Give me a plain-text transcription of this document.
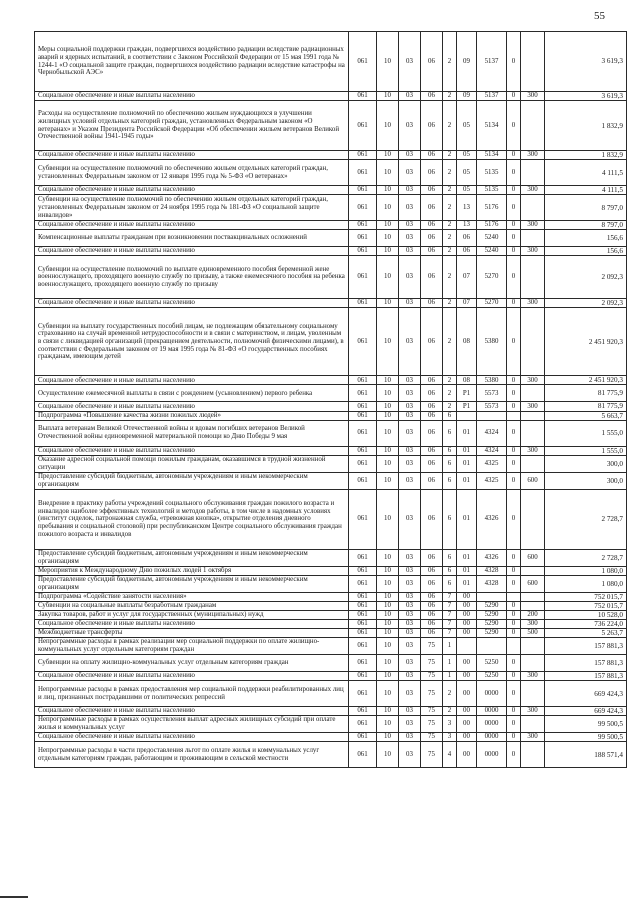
55
Меры социальной поддержки граждан, подвергшихся воздействию радиации вследствие радиационных аварий и ядерных испытаний, в соответствии с Законом Российской Федерации от 15 мая 1991 года № 1244-1 «О социальной защите граждан, подвергшихся воздействию радиации вследствие катастрофы на Чернобыльской АЭС»	061	10	03	06	2	09	5137	0		3 619,3
Социальное обеспечение и иные выплаты населению	061	10	03	06	2	09	5137	0	300	3 619,3
Расходы на осуществление полномочий по обеспечению жильем нуждающихся в улучшении жилищных условий отдельных категорий граждан, установленных Федеральным законом «О ветеранах» и Указом Президента Российской Федерации «Об обеспечении жильем ветеранов Великой Отечественной войны 1941-1945 годы»	061	10	03	06	2	05	5134	0		1 832,9
Социальное обеспечение и иные выплаты населению	061	10	03	06	2	05	5134	0	300	1 832,9
Субвенции на осуществление полномочий по обеспечению жильем отдельных категорий граждан, установленных Федеральным законом от 12 января 1995 года № 5-ФЗ «О ветеранах»	061	10	03	06	2	05	5135	0		4 111,5
Социальное обеспечение и иные выплаты населению	061	10	03	06	2	05	5135	0	300	4 111,5
Субвенции на осуществление полномочий по обеспечению жильем отдельных категорий граждан, установленных Федеральным законом от 24 ноября 1995 года № 181-ФЗ «О социальной защите инвалидов»	061	10	03	06	2	13	5176	0		8 797,0
Социальное обеспечение и иные выплаты населению	061	10	03	06	2	13	5176	0	300	8 797,0
Компенсационные выплаты гражданам при возникновении поствакцинальных осложнений	061	10	03	06	2	06	5240	0		156,6
Социальное обеспечение и иные выплаты населению	061	10	03	06	2	06	5240	0	300	156,6
Субвенции на осуществление полномочий по выплате единовременного пособия беременной жене военнослужащего, проходящего военную службу по призыву, а также ежемесячного пособия на ребенка военнослужащего, проходящего военную службу по призыву	061	10	03	06	2	07	5270	0		2 092,3
Социальное обеспечение и иные выплаты населению	061	10	03	06	2	07	5270	0	300	2 092,3
Субвенции на выплату государственных пособий лицам, не подлежащим обязательному социальному страхованию на случай временной нетрудоспособности и в связи с материнством, и лицам, уволенным в связи с ликвидацией организаций (прекращением деятельности, полномочий физическими лицами), в соответствии с Федеральным законом от 19 мая 1995 года № 81-ФЗ «О государственных пособиях гражданам, имеющим детей	061	10	03	06	2	08	5380	0		2 451 920,3
Социальное обеспечение и иные выплаты населению	061	10	03	06	2	08	5380	0	300	2 451 920,3
Осуществление ежемесячной выплаты в связи с рождением (усыновлением) первого ребенка	061	10	03	06	2	P1	5573	0		81 775,9
Социальное обеспечение и иные выплаты населению	061	10	03	06	2	P1	5573	0	300	81 775,9
Подпрограмма «Повышение качества жизни пожилых людей»	061	10	03	06	6					5 663,7
Выплата ветеранам Великой Отечественной войны и вдовам погибших ветеранов Великой Отечественной войны единовременной материальной помощи ко Дню Победы 9 мая	061	10	03	06	6	01	4324	0		1 555,0
Социальное обеспечение и иные выплаты населению	061	10	03	06	6	01	4324	0	300	1 555,0
Оказание адресной социальной помощи пожилым гражданам, оказавшимся в трудной жизненной ситуации	061	10	03	06	6	01	4325	0		300,0
Предоставление субсидий бюджетным, автономным учреждениям и иным некоммерческим организациям	061	10	03	06	6	01	4325	0	600	300,0
Внедрение в практику работы учреждений социального обслуживания граждан пожилого возраста и инвалидов наиболее эффективных технологий и методов работы, в том числе в надомных условиях (институт сиделок, патронажная служба, «тревожная кнопка», открытие отделения дневного пребывания и социальной столовой) при республиканском Центре социального обслуживания граждан пожилого возраста и инвалидов	061	10	03	06	6	01	4326	0		2 728,7
Предоставление субсидий бюджетным, автономным учреждениям и иным некоммерческим организациям	061	10	03	06	6	01	4326	0	600	2 728,7
Мероприятия к Международному Дню пожилых людей 1 октября	061	10	03	06	6	01	4328	0		1 080,0
Предоставление субсидий бюджетным, автономным учреждениям и иным некоммерческим организациям	061	10	03	06	6	01	4328	0	600	1 080,0
Подпрограмма «Содействие занятости населения»	061	10	03	06	7	00				752 015,7
Субвенции на социальные выплаты безработным гражданам	061	10	03	06	7	00	5290	0		752 015,7
Закупка товаров, работ и услуг для государственных (муниципальных) нужд	061	10	03	06	7	00	5290	0	200	10 528,0
Социальное обеспечение и иные выплаты населению	061	10	03	06	7	00	5290	0	300	736 224,0
Межбюджетные трансферты	061	10	03	06	7	00	5290	0	500	5 263,7
Непрограммные расходы в рамках реализации мер социальной поддержки по оплате жилищно-коммунальных услуг отдельным категориям граждан	061	10	03	75	1					157 881,3
Субвенции на оплату жилищно-коммунальных услуг отдельным категориям граждан	061	10	03	75	1	00	5250	0		157 881,3
Социальное обеспечение и иные выплаты населению	061	10	03	75	1	00	5250	0	300	157 881,3
Непрограммные расходы в рамках предоставления мер социальной поддержки реабилитированных лиц и лиц, признанных пострадавшими от политических репрессий	061	10	03	75	2	00	0000	0		669 424,3
Социальное обеспечение и иные выплаты населению	061	10	03	75	2	00	0000	0	300	669 424,3
Непрограммные расходы в рамках осуществления выплат адресных жилищных субсидий при оплате жилья и коммунальных услуг	061	10	03	75	3	00	0000	0		99 500,5
Социальное обеспечение и иные выплаты населению	061	10	03	75	3	00	0000	0	300	99 500,5
Непрограммные расходы в части предоставления льгот по оплате жилья и коммунальных услуг отдельным категориям граждан, работающим и проживающим в сельской местности	061	10	03	75	4	00	0000	0		188 571,4
